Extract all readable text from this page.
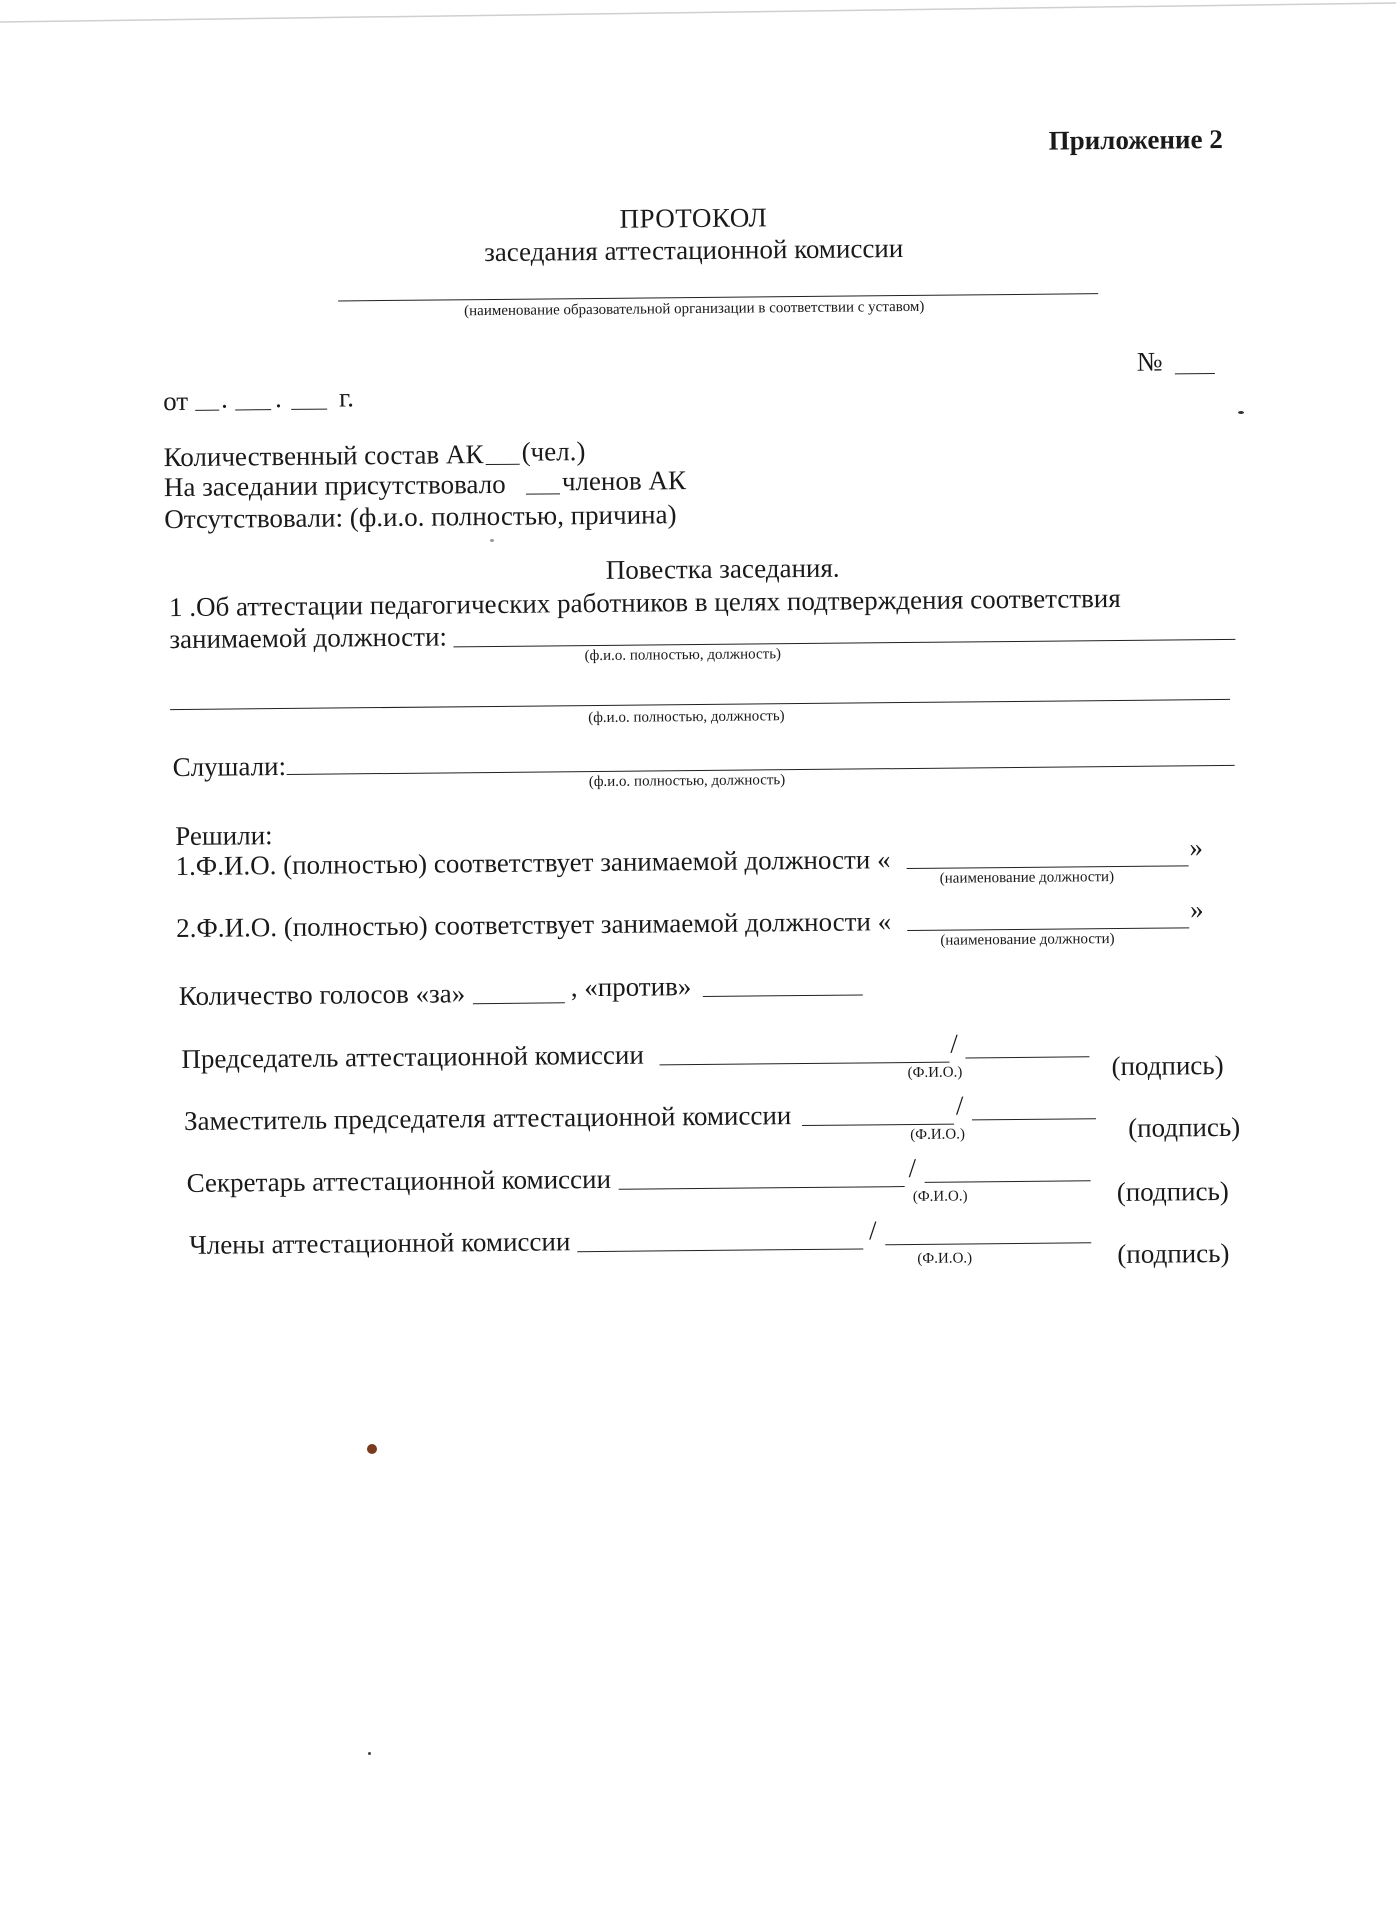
Приложение 2
ПРОТОКОЛ
заседания аттестационной комиссии
(наименование образовательной организации в соответствии с уставом)
№
от . . г.
Количественный состав АК (чел.)
На заседании присутствовало членов АК
Отсутствовали: (ф.и.о. полностью, причина)
Повестка заседания.
1 .Об аттестации педагогических работников в целях подтверждения соответствия
занимаемой должности:
(ф.и.о. полностью, должность)
(ф.и.о. полностью, должность)
Слушали:	(ф.и.о. полностью, должность)
Решили:
1.Ф.И.О. (полностью) соответствует занимаемой должности «	»
(наименование должности)
2.Ф.И.О. (полностью) соответствует занимаемой должности «	»
(наименование должности)
Количество голосов «за»	, «против»
Председатель аттестационной комиссии	/
(Ф.И.О.)	(подпись)
Заместитель председателя аттестационной комиссии	/
(Ф.И.О.)	(подпись)
Секретарь аттестационной комиссии	/
(Ф.И.О.)	(подпись)
Члены аттестационной комиссии	/
(Ф.И.О.)	(подпись)
